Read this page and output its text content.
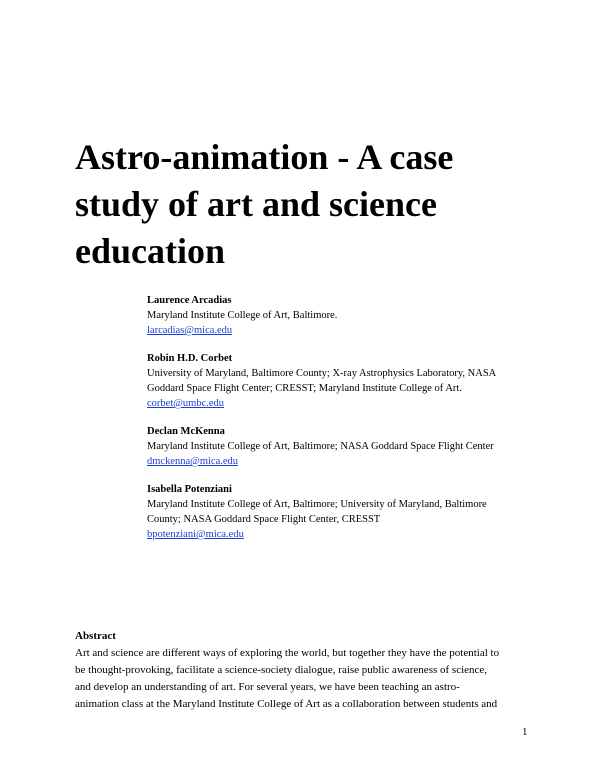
Astro-animation - A case
study of art and science
education
Laurence Arcadias
Maryland Institute College of Art, Baltimore.
larcadias@mica.edu
Robin H.D. Corbet
University of Maryland, Baltimore County; X-ray Astrophysics Laboratory, NASA
Goddard Space Flight Center; CRESST; Maryland Institute College of Art.
corbet@umbc.edu
Declan McKenna
Maryland Institute College of Art, Baltimore; NASA Goddard Space Flight Center
dmckenna@mica.edu
Isabella Potenziani
Maryland Institute College of Art, Baltimore; University of Maryland, Baltimore
County; NASA Goddard Space Flight Center, CRESST
bpotenziani@mica.edu
Abstract
Art and science are different ways of exploring the world, but together they have the potential to
be thought-provoking, facilitate a science-society dialogue, raise public awareness of science,
and develop an understanding of art. For several years, we have been teaching an astro-
animation class at the Maryland Institute College of Art as a collaboration between students and
1
